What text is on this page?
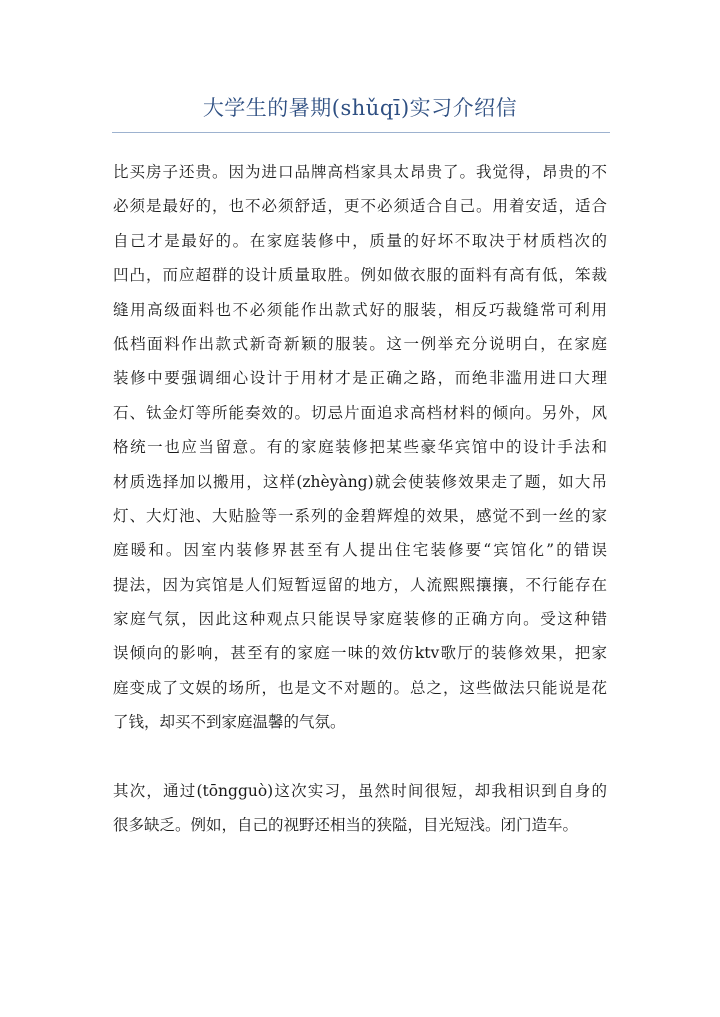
大学生的暑期(shǔqī)实习介绍信
比买房子还贵。因为进口品牌高档家具太昂贵了。我觉得，昂贵的不
必须是最好的，也不必须舒适，更不必须适合自己。用着安适，适合
自己才是最好的。在家庭装修中，质量的好坏不取决于材质档次的
凹凸，而应超群的设计质量取胜。例如做衣服的面料有高有低，笨裁
缝用高级面料也不必须能作出款式好的服装，相反巧裁缝常可利用
低档面料作出款式新奇新颖的服装。这一例举充分说明白，在家庭
装修中要强调细心设计于用材才是正确之路，而绝非滥用进口大理
石、钛金灯等所能奏效的。切忌片面追求高档材料的倾向。另外，风
格统一也应当留意。有的家庭装修把某些豪华宾馆中的设计手法和
材质选择加以搬用，这样(zhèyàng)就会使装修效果走了题，如大吊
灯、大灯池、大贴脸等一系列的金碧辉煌的效果，感觉不到一丝的家
庭暖和。因室内装修界甚至有人提出住宅装修要“宾馆化”的错误
提法，因为宾馆是人们短暂逗留的地方，人流熙熙攘攘，不行能存在
家庭气氛，因此这种观点只能误导家庭装修的正确方向。受这种错
误倾向的影响，甚至有的家庭一味的效仿ktv歌厅的装修效果，把家
庭变成了文娱的场所，也是文不对题的。总之，这些做法只能说是花
了钱，却买不到家庭温馨的气氛。
其次，通过(tōngguò)这次实习，虽然时间很短，却我相识到自身的
很多缺乏。例如，自己的视野还相当的狭隘，目光短浅。闭门造车。
